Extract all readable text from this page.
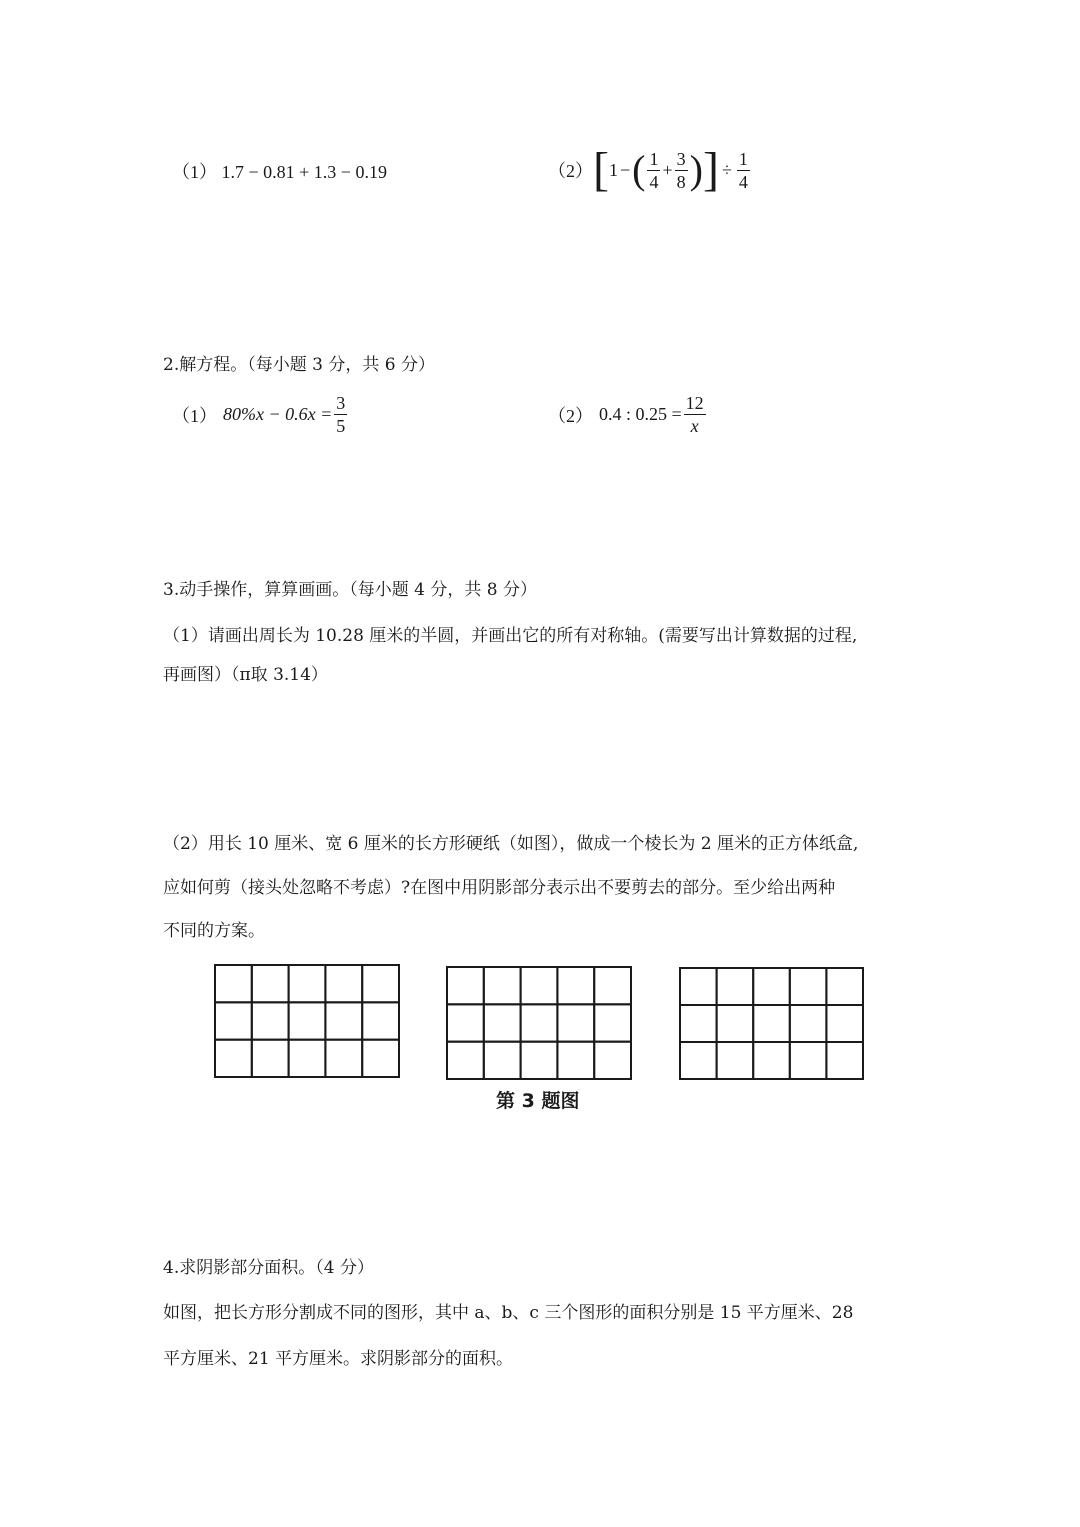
（1） 1.7 − 0.81 + 1.3 − 0.19	（2） [ 1 − ( $\frac{1}{4} + \frac{3}{8}$ ) ] ÷ $\frac{1}{4}$
2.解方程。（每小题 3 分，共 6 分）
（1） $80\%x - 0.6x = \frac{3}{5}$	（2） 0.4 : $0.25 = \frac{12}{x}$
3.动手操作，算算画画。（每小题 4 分，共 8 分）
（1）请画出周长为 10.28 厘米的半圆，并画出它的所有对称轴。(需要写出计算数据的过程,
再画图）（π取 3.14）
（2）用长 10 厘米、宽 6 厘米的长方形硬纸（如图），做成一个棱长为 2 厘米的正方体纸盒,
应如何剪（接头处忽略不考虑）?在图中用阴影部分表示出不要剪去的部分。至少给出两种
不同的方案。
第 3 题图
4.求阴影部分面积。（4 分）
如图，把长方形分割成不同的图形，其中 a、b、c 三个图形的面积分别是 15 平方厘米、28
平方厘米、21 平方厘米。求阴影部分的面积。
